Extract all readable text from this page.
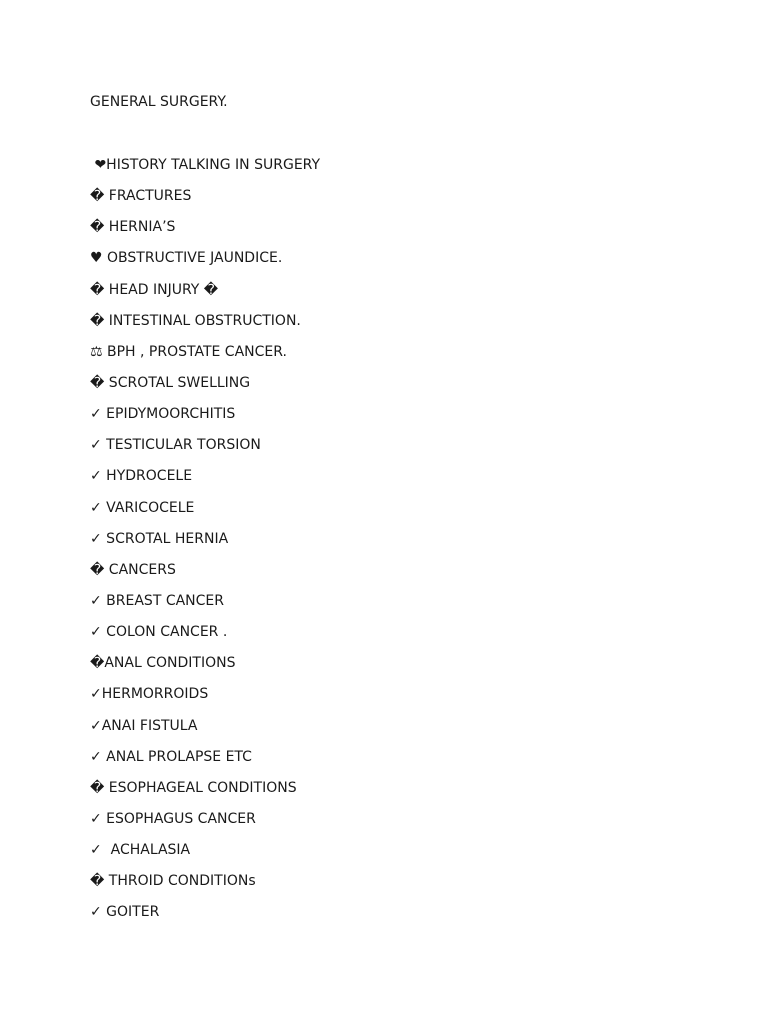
GENERAL SURGERY.
❤HISTORY TALKING IN SURGERY
� FRACTURES
� HERNIA’S
♥ OBSTRUCTIVE JAUNDICE.
� HEAD INJURY �
� INTESTINAL OBSTRUCTION.
⚖ BPH , PROSTATE CANCER.
� SCROTAL SWELLING
✓ EPIDYMOORCHITIS
✓ TESTICULAR TORSION
✓ HYDROCELE
✓ VARICOCELE
✓ SCROTAL HERNIA
� CANCERS
✓ BREAST CANCER
✓ COLON CANCER .
�ANAL CONDITIONS
✓HERMORROIDS
✓ANAI FISTULA
✓ ANAL PROLAPSE ETC
� ESOPHAGEAL CONDITIONS
✓ ESOPHAGUS CANCER
✓  ACHALASIA
� THROID CONDITIONs
✓ GOITER
